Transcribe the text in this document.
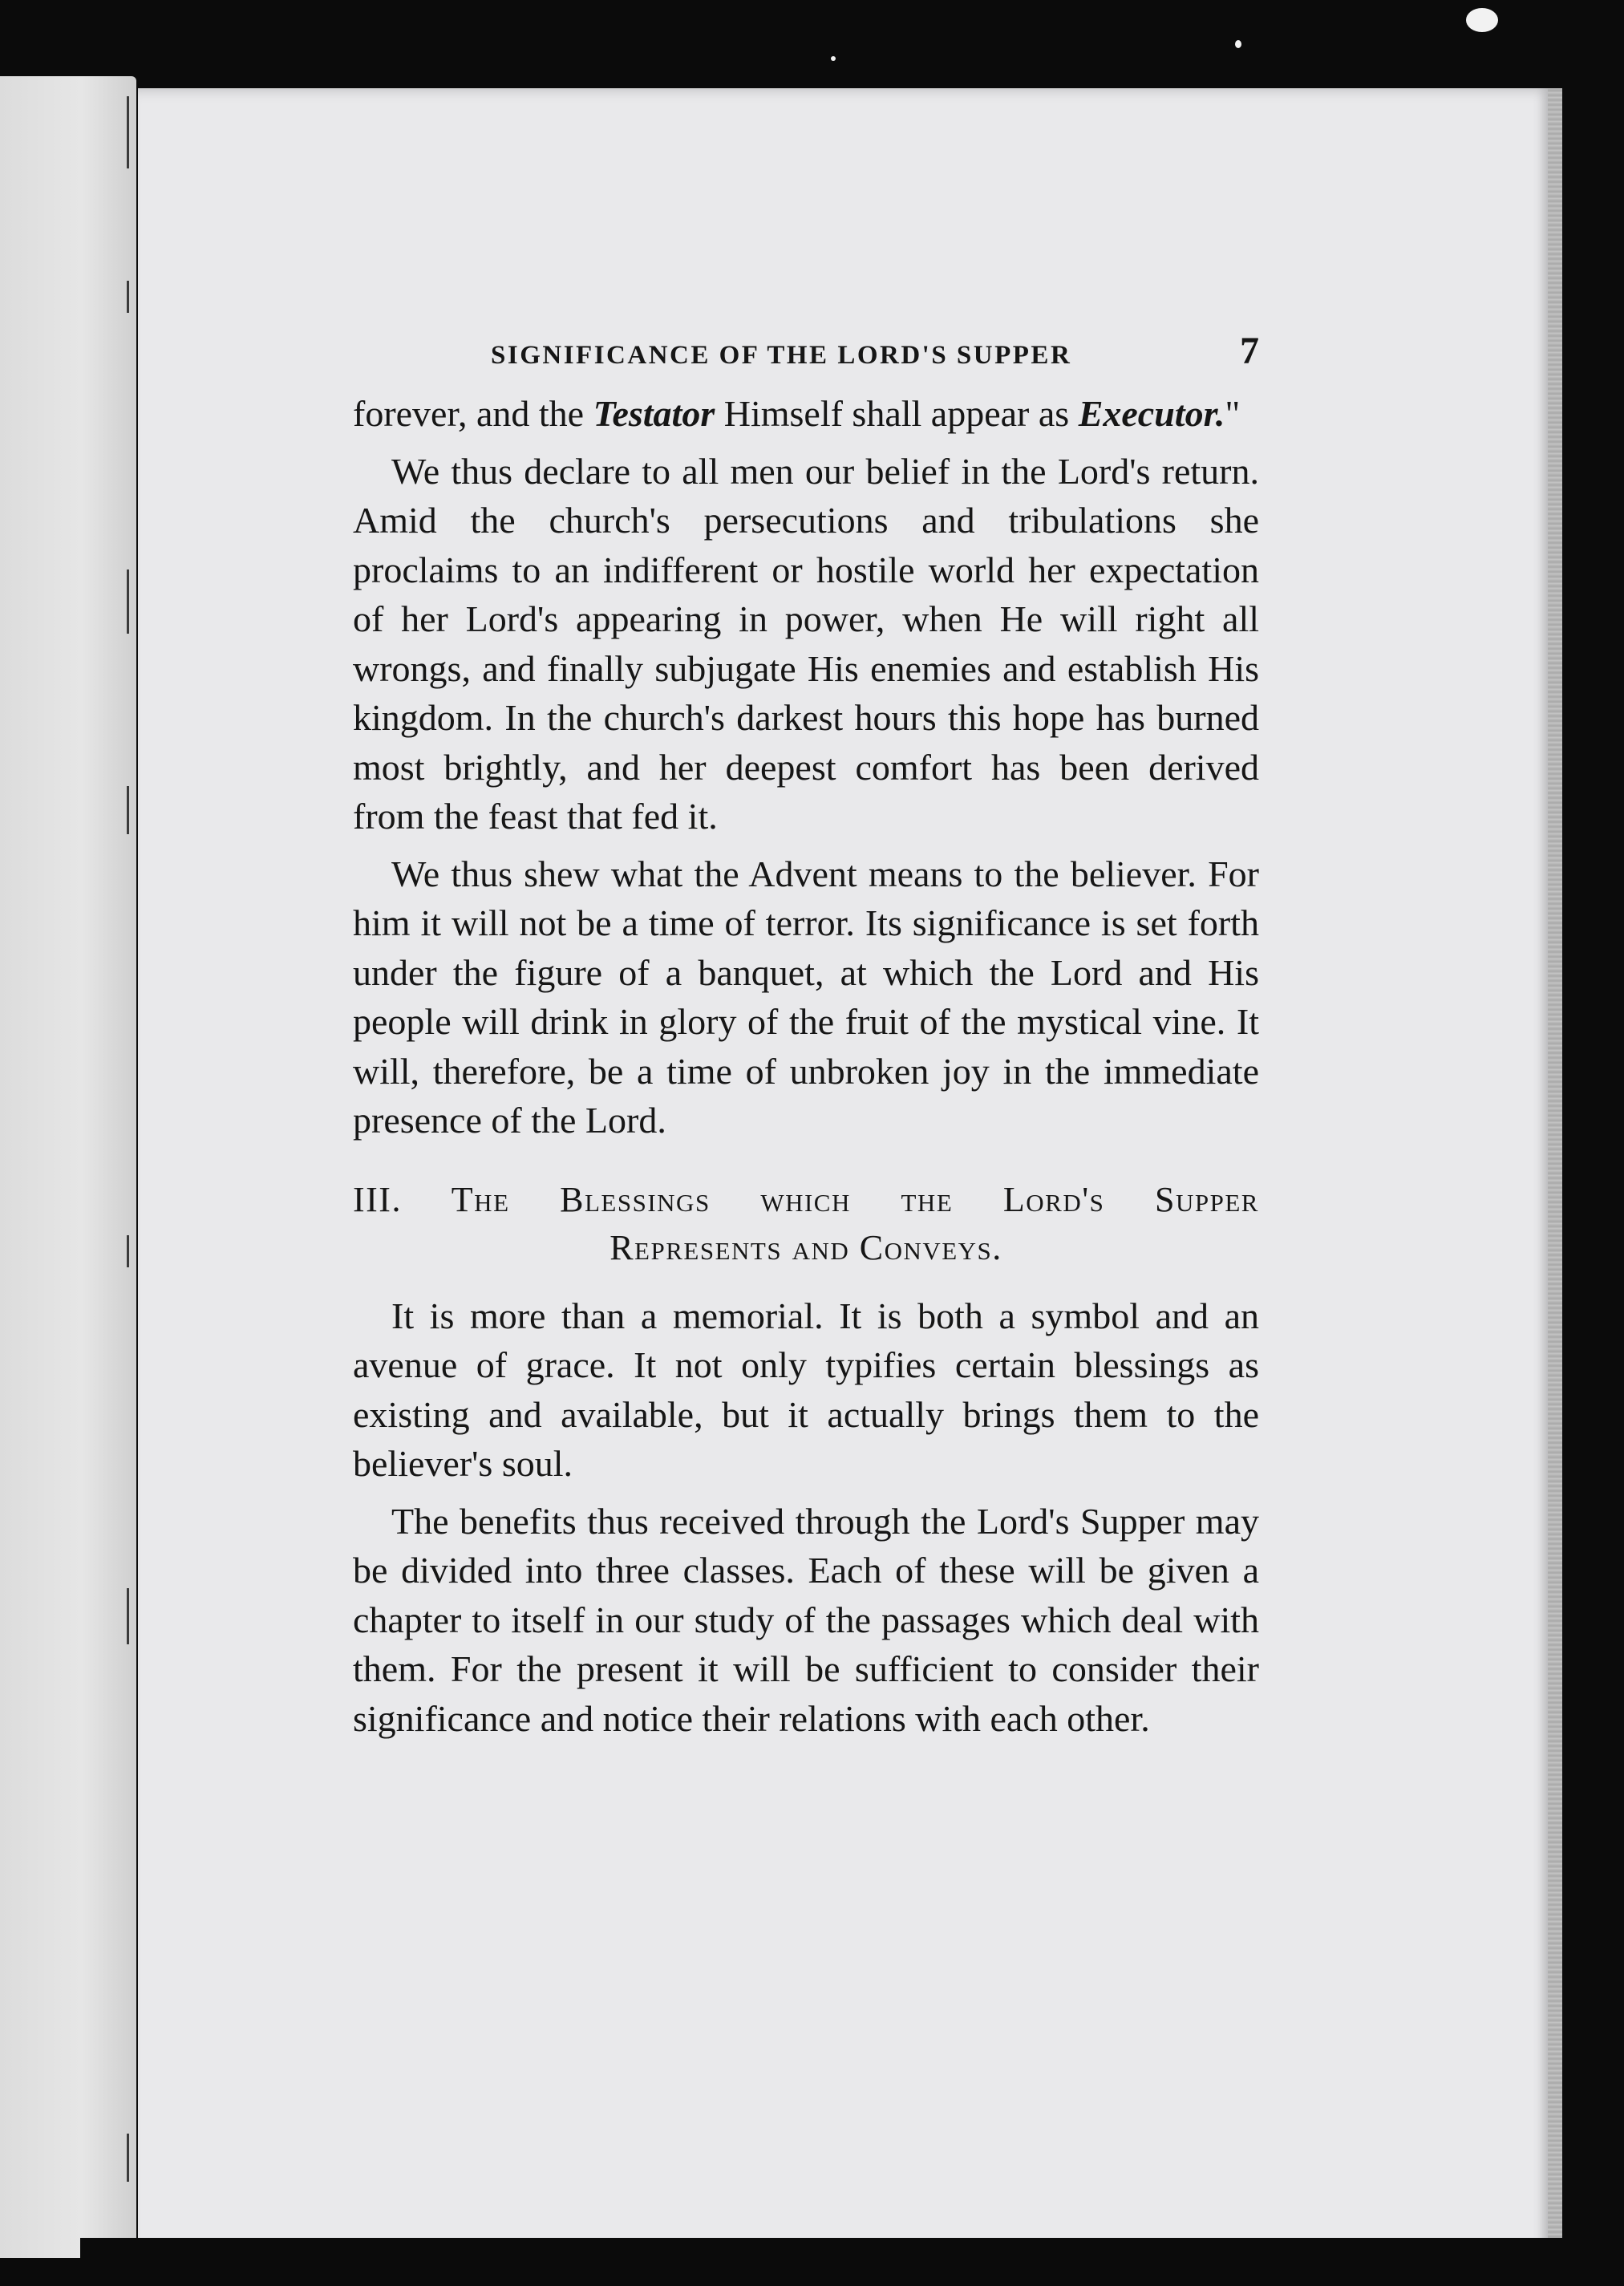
SIGNIFICANCE OF THE LORD'S SUPPER	7

forever, and the Testator Himself shall appear as Executor."

We thus declare to all men our belief in the Lord's return. Amid the church's persecutions and tribulations she proclaims to an indifferent or hostile world her expectation of her Lord's appearing in power, when He will right all wrongs, and finally subjugate His enemies and establish His kingdom. In the church's darkest hours this hope has burned most brightly, and her deepest comfort has been derived from the feast that fed it.

We thus shew what the Advent means to the believer. For him it will not be a time of terror. Its significance is set forth under the figure of a banquet, at which the Lord and His people will drink in glory of the fruit of the mystical vine. It will, therefore, be a time of unbroken joy in the immediate presence of the Lord.

III. The Blessings which the Lord's Supper
Represents and Conveys.

It is more than a memorial. It is both a symbol and an avenue of grace. It not only typifies certain blessings as existing and available, but it actually brings them to the believer's soul.

The benefits thus received through the Lord's Supper may be divided into three classes. Each of these will be given a chapter to itself in our study of the passages which deal with them. For the present it will be sufficient to consider their significance and notice their relations with each other.
